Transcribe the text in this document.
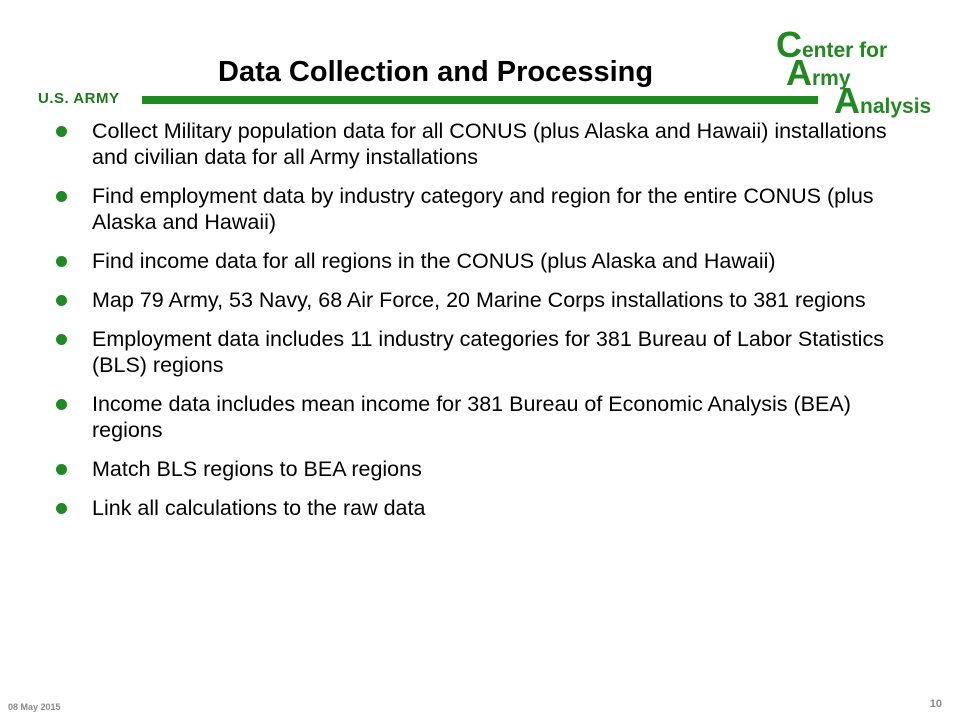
U.S. ARMY
Data Collection and Processing
Center for
Army
Analysis
Collect Military population data for all CONUS (plus Alaska and Hawaii) installations and civilian data for all Army installations
Find employment data by industry category and region for the entire CONUS (plus Alaska and Hawaii)
Find income data for all regions in the CONUS (plus Alaska and Hawaii)
Map 79 Army, 53 Navy, 68 Air Force, 20 Marine Corps installations to 381 regions
Employment data includes 11 industry categories for 381 Bureau of Labor Statistics (BLS) regions
Income data includes mean income for 381 Bureau of Economic Analysis (BEA) regions
Match BLS regions to BEA regions
Link all calculations to the raw data
08 May 2015	10
